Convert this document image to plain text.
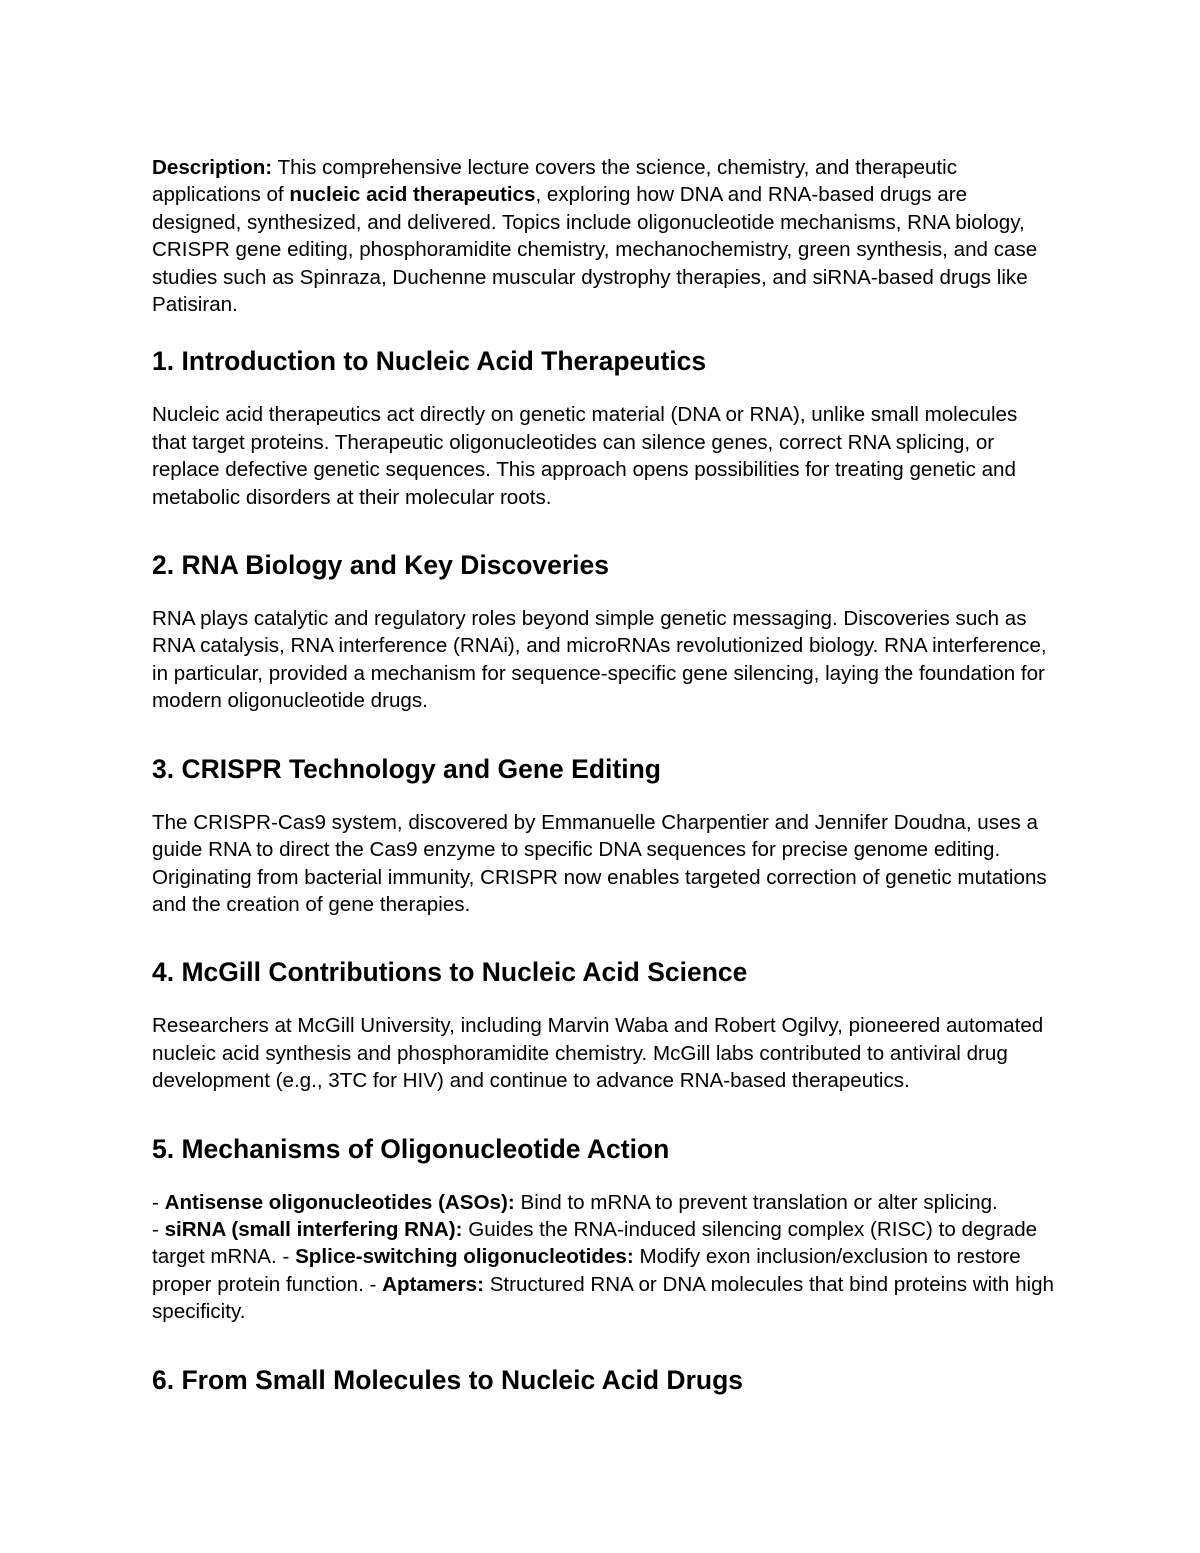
Description: This comprehensive lecture covers the science, chemistry, and therapeutic applications of nucleic acid therapeutics, exploring how DNA and RNA-based drugs are designed, synthesized, and delivered. Topics include oligonucleotide mechanisms, RNA biology, CRISPR gene editing, phosphoramidite chemistry, mechanochemistry, green synthesis, and case studies such as Spinraza, Duchenne muscular dystrophy therapies, and siRNA-based drugs like Patisiran.

1. Introduction to Nucleic Acid Therapeutics

Nucleic acid therapeutics act directly on genetic material (DNA or RNA), unlike small molecules that target proteins. Therapeutic oligonucleotides can silence genes, correct RNA splicing, or replace defective genetic sequences. This approach opens possibilities for treating genetic and metabolic disorders at their molecular roots.

2. RNA Biology and Key Discoveries

RNA plays catalytic and regulatory roles beyond simple genetic messaging. Discoveries such as RNA catalysis, RNA interference (RNAi), and microRNAs revolutionized biology. RNA interference, in particular, provided a mechanism for sequence-specific gene silencing, laying the foundation for modern oligonucleotide drugs.

3. CRISPR Technology and Gene Editing

The CRISPR-Cas9 system, discovered by Emmanuelle Charpentier and Jennifer Doudna, uses a guide RNA to direct the Cas9 enzyme to specific DNA sequences for precise genome editing. Originating from bacterial immunity, CRISPR now enables targeted correction of genetic mutations and the creation of gene therapies.

4. McGill Contributions to Nucleic Acid Science

Researchers at McGill University, including Marvin Waba and Robert Ogilvy, pioneered automated nucleic acid synthesis and phosphoramidite chemistry. McGill labs contributed to antiviral drug development (e.g., 3TC for HIV) and continue to advance RNA-based therapeutics.

5. Mechanisms of Oligonucleotide Action

- Antisense oligonucleotides (ASOs): Bind to mRNA to prevent translation or alter splicing.
- siRNA (small interfering RNA): Guides the RNA-induced silencing complex (RISC) to degrade target mRNA. - Splice-switching oligonucleotides: Modify exon inclusion/exclusion to restore proper protein function. - Aptamers: Structured RNA or DNA molecules that bind proteins with high specificity.

6. From Small Molecules to Nucleic Acid Drugs
